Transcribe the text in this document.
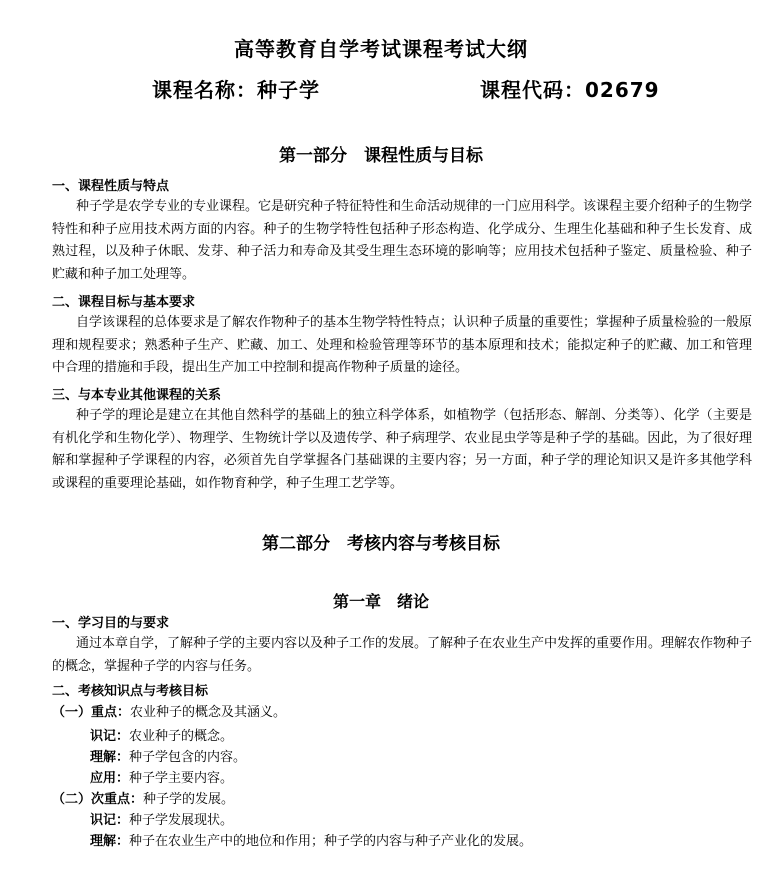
高等教育自学考试课程考试大纲
课程名称：种子学	课程代码：02679
第一部分　课程性质与目标
一、课程性质与特点
种子学是农学专业的专业课程。它是研究种子特征特性和生命活动规律的一门应用科学。该课程主要介绍种子的生物学特性和种子应用技术两方面的内容。种子的生物学特性包括种子形态构造、化学成分、生理生化基础和种子生长发育、成熟过程，以及种子休眠、发芽、种子活力和寿命及其受生理生态环境的影响等；应用技术包括种子鉴定、质量检验、种子贮藏和种子加工处理等。
二、课程目标与基本要求
自学该课程的总体要求是了解农作物种子的基本生物学特性特点；认识种子质量的重要性；掌握种子质量检验的一般原理和规程要求；熟悉种子生产、贮藏、加工、处理和检验管理等环节的基本原理和技术；能拟定种子的贮藏、加工和管理中合理的措施和手段，提出生产加工中控制和提高作物种子质量的途径。
三、与本专业其他课程的关系
种子学的理论是建立在其他自然科学的基础上的独立科学体系，如植物学（包括形态、解剖、分类等）、化学（主要是有机化学和生物化学）、物理学、生物统计学以及遗传学、种子病理学、农业昆虫学等是种子学的基础。因此，为了很好理解和掌握种子学课程的内容，必须首先自学掌握各门基础课的主要内容；另一方面，种子学的理论知识又是许多其他学科或课程的重要理论基础，如作物育种学，种子生理工艺学等。
第二部分　考核内容与考核目标
第一章　绪论
一、学习目的与要求
通过本章自学，了解种子学的主要内容以及种子工作的发展。了解种子在农业生产中发挥的重要作用。理解农作物种子的概念，掌握种子学的内容与任务。
二、考核知识点与考核目标
（一）重点：农业种子的概念及其涵义。
识记：农业种子的概念。
理解：种子学包含的内容。
应用：种子学主要内容。
（二）次重点：种子学的发展。
识记：种子学发展现状。
理解：种子在农业生产中的地位和作用；种子学的内容与种子产业化的发展。
